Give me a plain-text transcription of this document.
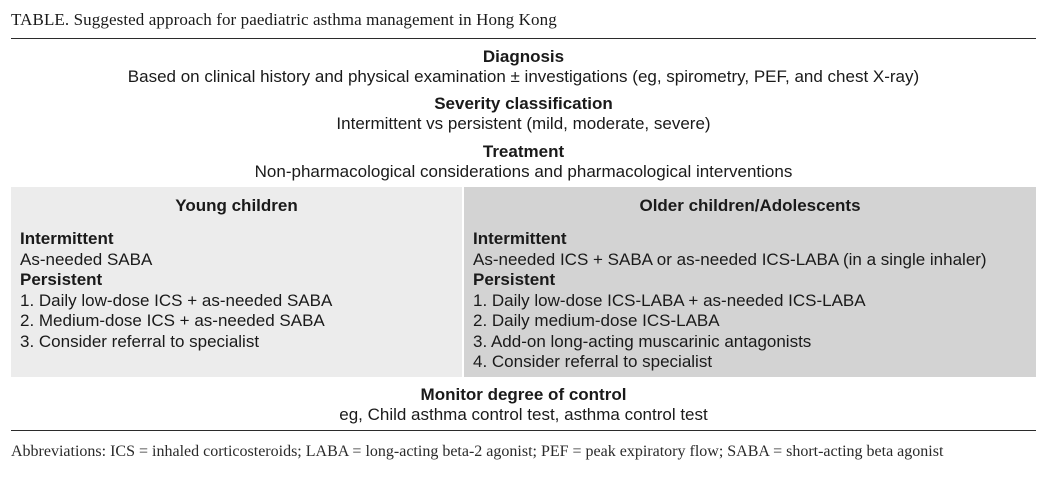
TABLE. Suggested approach for paediatric asthma management in Hong Kong
Diagnosis
Based on clinical history and physical examination ± investigations (eg, spirometry, PEF, and chest X-ray)
Severity classification
Intermittent vs persistent (mild, moderate, severe)
Treatment
Non-pharmacological considerations and pharmacological interventions
Young children
Intermittent
As-needed SABA
Persistent
1. Daily low-dose ICS + as-needed SABA
2. Medium-dose ICS + as-needed SABA
3. Consider referral to specialist
Older children/Adolescents
Intermittent
As-needed ICS + SABA or as-needed ICS-LABA (in a single inhaler)
Persistent
1. Daily low-dose ICS-LABA + as-needed ICS-LABA
2. Daily medium-dose ICS-LABA
3. Add-on long-acting muscarinic antagonists
4. Consider referral to specialist
Monitor degree of control
eg, Child asthma control test, asthma control test
Abbreviations: ICS = inhaled corticosteroids; LABA = long-acting beta-2 agonist; PEF = peak expiratory flow; SABA = short-acting beta agonist
